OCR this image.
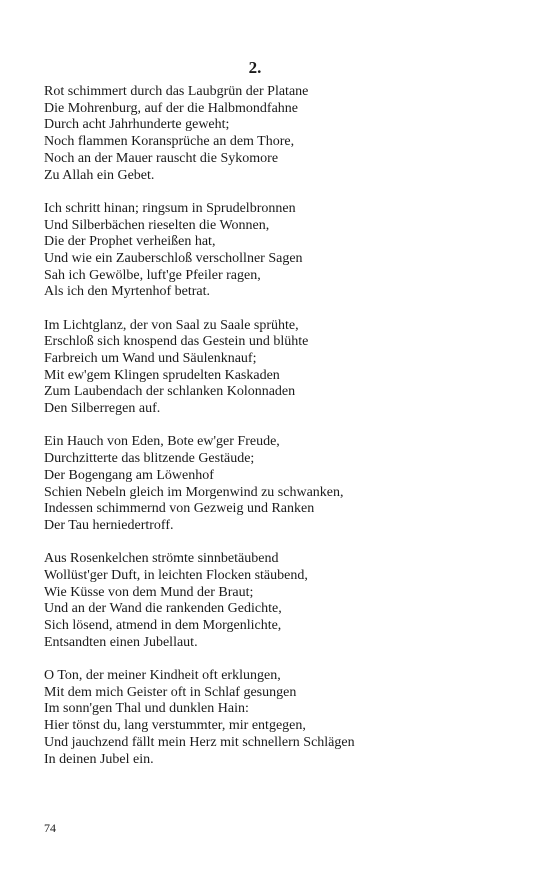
2.
Rot schimmert durch das Laubgrün der Platane
Die Mohrenburg, auf der die Halbmondfahne
Durch acht Jahrhunderte geweht;
Noch flammen Koransprüche an dem Thore,
Noch an der Mauer rauscht die Sykomore
Zu Allah ein Gebet.
Ich schritt hinan; ringsum in Sprudelbronnen
Und Silberbächen rieselten die Wonnen,
Die der Prophet verheißen hat,
Und wie ein Zauberschloß verschollner Sagen
Sah ich Gewölbe, luft'ge Pfeiler ragen,
Als ich den Myrtenhof betrat.
Im Lichtglanz, der von Saal zu Saale sprühte,
Erschloß sich knospend das Gestein und blühte
Farbreich um Wand und Säulenknauf;
Mit ew'gem Klingen sprudelten Kaskaden
Zum Laubendach der schlanken Kolonnaden
Den Silberregen auf.
Ein Hauch von Eden, Bote ew'ger Freude,
Durchzitterte das blitzende Gestäude;
Der Bogengang am Löwenhof
Schien Nebeln gleich im Morgenwind zu schwanken,
Indessen schimmernd von Gezweig und Ranken
Der Tau herniedertroff.
Aus Rosenkelchen strömte sinnbetäubend
Wollüst'ger Duft, in leichten Flocken stäubend,
Wie Küsse von dem Mund der Braut;
Und an der Wand die rankenden Gedichte,
Sich lösend, atmend in dem Morgenlichte,
Entsandten einen Jubellaut.
O Ton, der meiner Kindheit oft erklungen,
Mit dem mich Geister oft in Schlaf gesungen
Im sonn'gen Thal und dunklen Hain:
Hier tönst du, lang verstummter, mir entgegen,
Und jauchzend fällt mein Herz mit schnellern Schlägen
In deinen Jubel ein.
74
